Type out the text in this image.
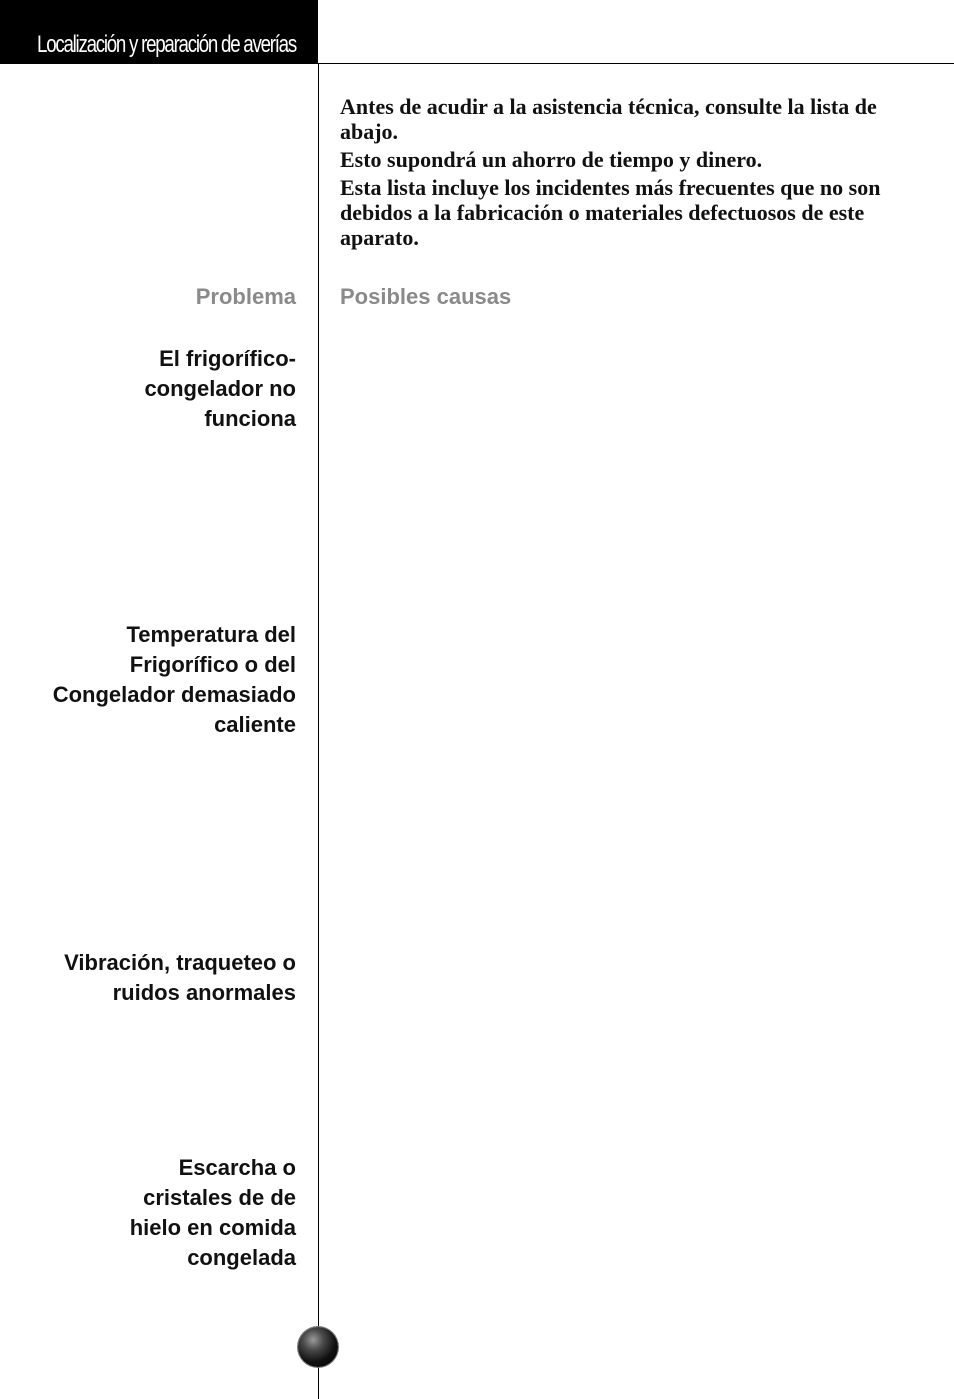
Localización y reparación de averías

Antes de acudir a la asistencia técnica, consulte la lista de abajo.

Esto supondrá un ahorro de tiempo y dinero.

Esta lista incluye los incidentes más frecuentes que no son debidos a la fabricación o materiales defectuosos de este aparato.

Problema Posibles causas
El frigorífico-congelador no funciona
Temperatura del Frigorífico o del Congelador demasiado caliente
Vibración, traqueteo o ruidos anormales
Escarcha o cristales de de hielo en comida congelada
